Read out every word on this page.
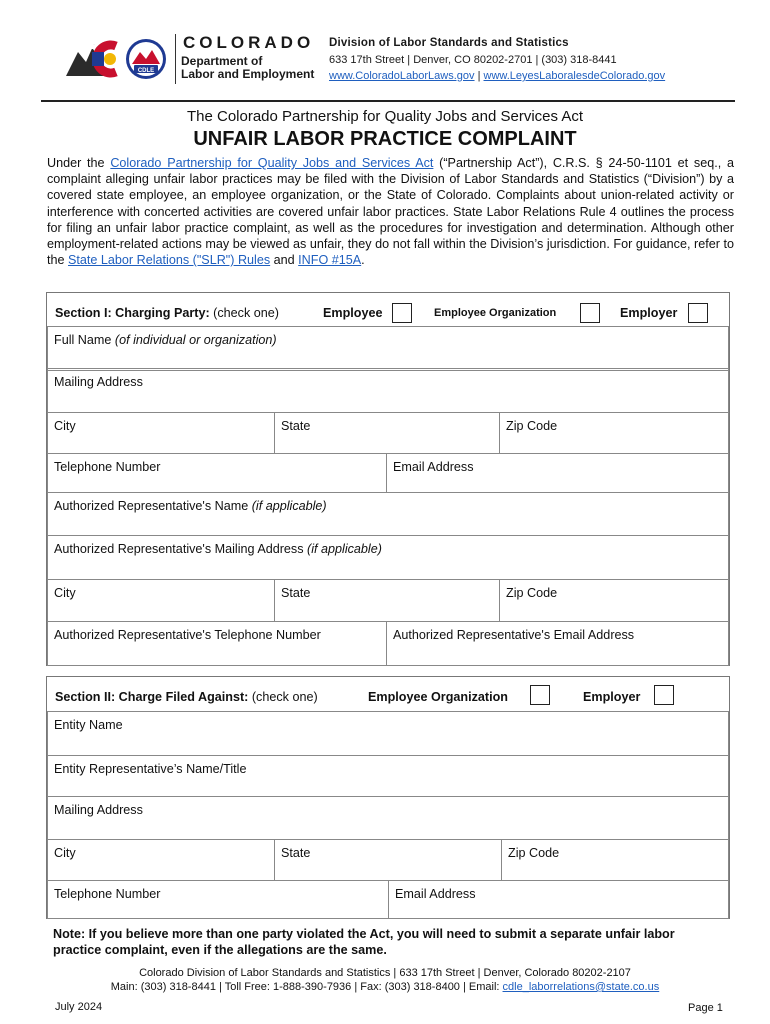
CDLE
COLORADO
Department of
Labor and Employment
Division of Labor Standards and Statistics
633 17th Street | Denver, CO 80202-2701 | (303) 318-8441
www.ColoradoLaborLaws.gov | www.LeyesLaboralesdeColorado.gov
The Colorado Partnership for Quality Jobs and Services Act
UNFAIR LABOR PRACTICE COMPLAINT
Under the Colorado Partnership for Quality Jobs and Services Act (“Partnership Act”), C.R.S. § 24-50-1101 et seq., a complaint alleging unfair labor practices may be filed with the Division of Labor Standards and Statistics (“Division”) by a covered state employee, an employee organization, or the State of Colorado. Complaints about union-related activity or interference with concerted activities are covered unfair labor practices. State Labor Relations Rule 4 outlines the process for filing an unfair labor practice complaint, as well as the procedures for investigation and determination. Although other employment-related actions may be viewed as unfair, they do not fall within the Division’s jurisdiction. For guidance, refer to the State Labor Relations ("SLR") Rules and INFO #15A.
Section I: Charging Party: (check one)	Employee	Employee Organization	Employer
Full Name (of individual or organization)
Mailing Address
City	State	Zip Code
Telephone Number	Email Address
Authorized Representative's Name (if applicable)
Authorized Representative's Mailing Address (if applicable)
City	State	Zip Code
Authorized Representative's Telephone Number	Authorized Representative's Email Address
Section II: Charge Filed Against: (check one)	Employee Organization	Employer
Entity Name
Entity Representative’s Name/Title
Mailing Address
City	State	Zip Code
Telephone Number	Email Address
Note: If you believe more than one party violated the Act, you will need to submit a separate unfair labor practice complaint, even if the allegations are the same.
Colorado Division of Labor Standards and Statistics | 633 17th Street | Denver, Colorado 80202-2107
Main: (303) 318-8441 | Toll Free: 1-888-390-7936 | Fax: (303) 318-8400 | Email: cdle_laborrelations@state.co.us
July 2024	Page 1
